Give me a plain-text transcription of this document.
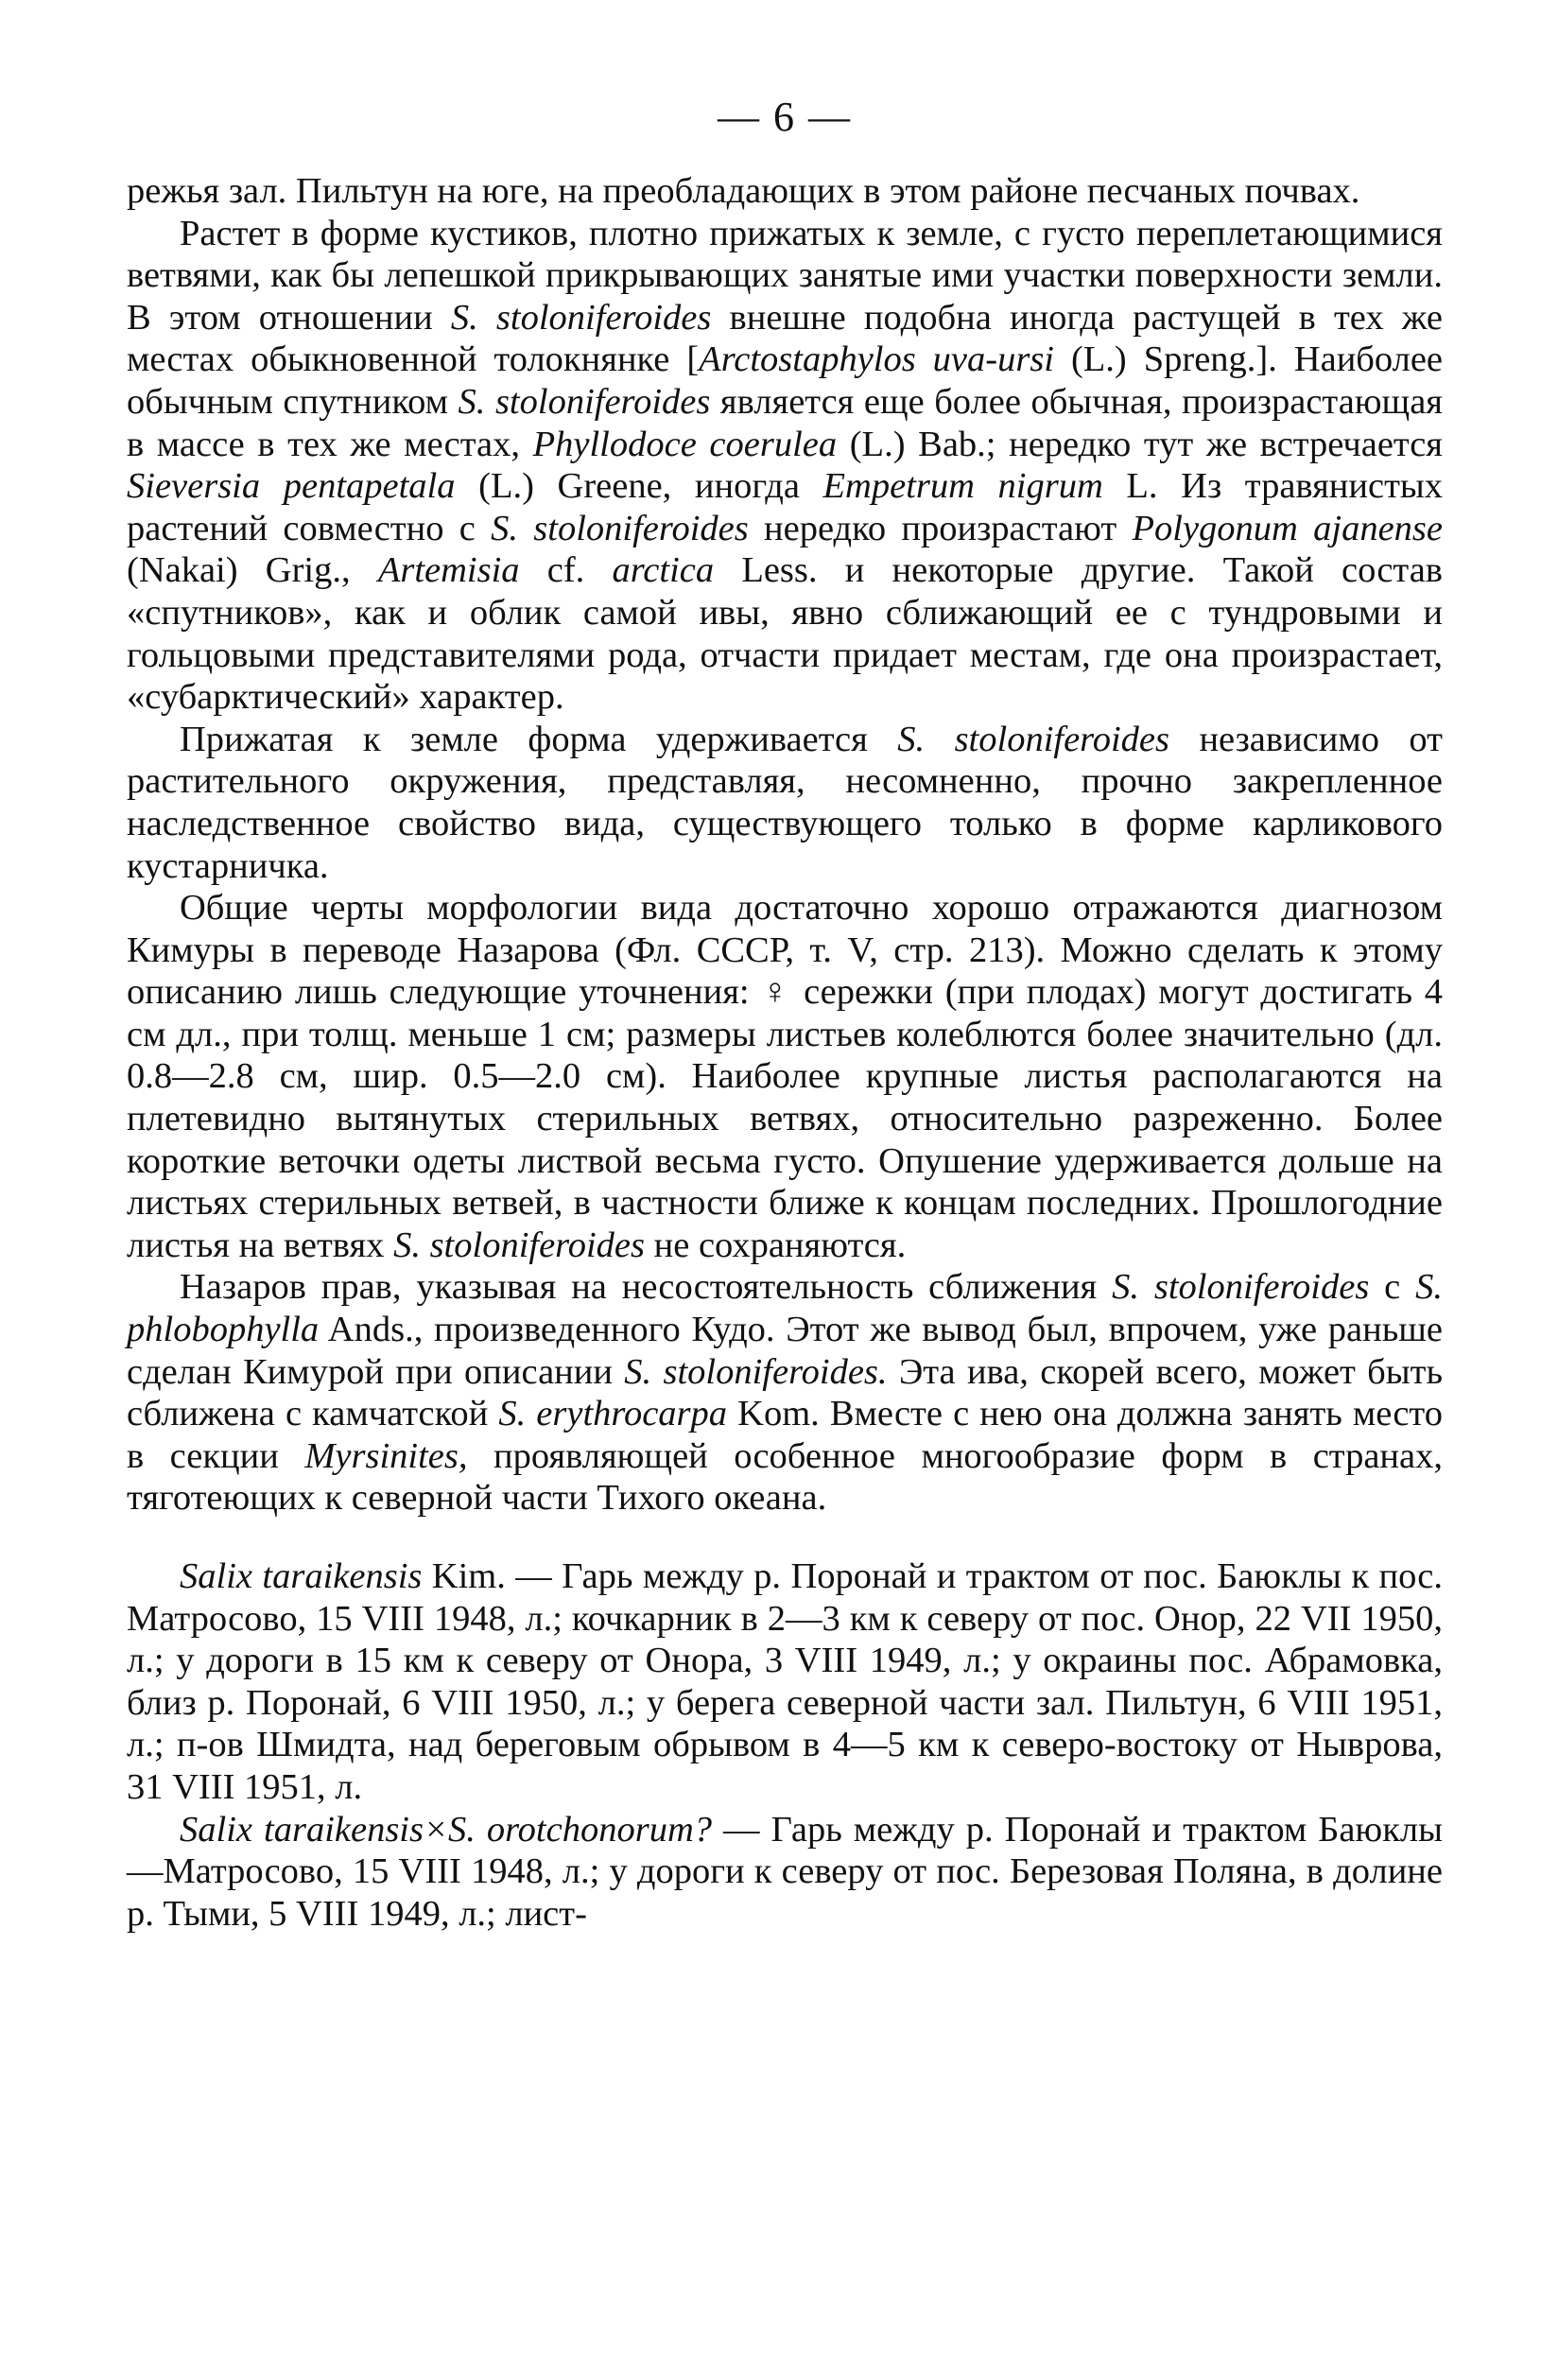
— 6 —

режья зал. Пильтун на юге, на преобладающих в этом районе песчаных почвах.

Растет в форме кустиков, плотно прижатых к земле, с густо переплетающимися ветвями, как бы лепешкой прикрывающих занятые ими участки поверхности земли. В этом отношении S. stoloniferoides внешне подобна иногда растущей в тех же местах обыкновенной толокнянке [Arctostaphylos uva-ursi (L.) Spreng.]. Наиболее обычным спутником S. stoloniferoides является еще более обычная, произрастающая в массе в тех же местах, Phyllodoce coerulea (L.) Bab.; нередко тут же встречается Sieversia pentapetala (L.) Greene, иногда Empetrum nigrum L. Из травянистых растений совместно с S. stoloniferoides нередко произрастают Polygonum ajanense (Nakai) Grig., Artemisia cf. arctica Less. и некоторые другие. Такой состав «спутников», как и облик самой ивы, явно сближающий ее с тундровыми и гольцовыми представителями рода, отчасти придает местам, где она произрастает, «субарктический» характер.

Прижатая к земле форма удерживается S. stoloniferoides независимо от растительного окружения, представляя, несомненно, прочно закрепленное наследственное свойство вида, существующего только в форме карликового кустарничка.

Общие черты морфологии вида достаточно хорошо отражаются диагнозом Кимуры в переводе Назарова (Фл. СССР, т. V, стр. 213). Можно сделать к этому описанию лишь следующие уточнения: ♀ сережки (при плодах) могут достигать 4 см дл., при толщ. меньше 1 см; размеры листьев колеблются более значительно (дл. 0.8—2.8 см, шир. 0.5—2.0 см). Наиболее крупные листья располагаются на плетевидно вытянутых стерильных ветвях, относительно разреженно. Более короткие веточки одеты листвой весьма густо. Опушение удерживается дольше на листьях стерильных ветвей, в частности ближе к концам последних. Прошлогодние листья на ветвях S. stoloniferoides не сохраняются.

Назаров прав, указывая на несостоятельность сближения S. stoloniferoides с S. phlobophylla Ands., произведенного Кудо. Этот же вывод был, впрочем, уже раньше сделан Кимурой при описании S. stoloniferoides. Эта ива, скорей всего, может быть сближена с камчатской S. erythrocarpa Kom. Вместе с нею она должна занять место в секции Myrsinites, проявляющей особенное многообразие форм в странах, тяготеющих к северной части Тихого океана.

Salix taraikensis Kim. — Гарь между р. Поронай и трактом от пос. Баюклы к пос. Матросово, 15 VIII 1948, л.; кочкарник в 2—3 км к северу от пос. Онор, 22 VII 1950, л.; у дороги в 15 км к северу от Онора, 3 VIII 1949, л.; у окраины пос. Абрамовка, близ р. Поронай, 6 VIII 1950, л.; у берега северной части зал. Пильтун, 6 VIII 1951, л.; п-ов Шмидта, над береговым обрывом в 4—5 км к северо-востоку от Ныврова, 31 VIII 1951, л.

Salix taraikensis×S. orotchonorum? — Гарь между р. Поронай и трактом Баюклы—Матросово, 15 VIII 1948, л.; у дороги к северу от пос. Березовая Поляна, в долине р. Тыми, 5 VIII 1949, л.; лист-
